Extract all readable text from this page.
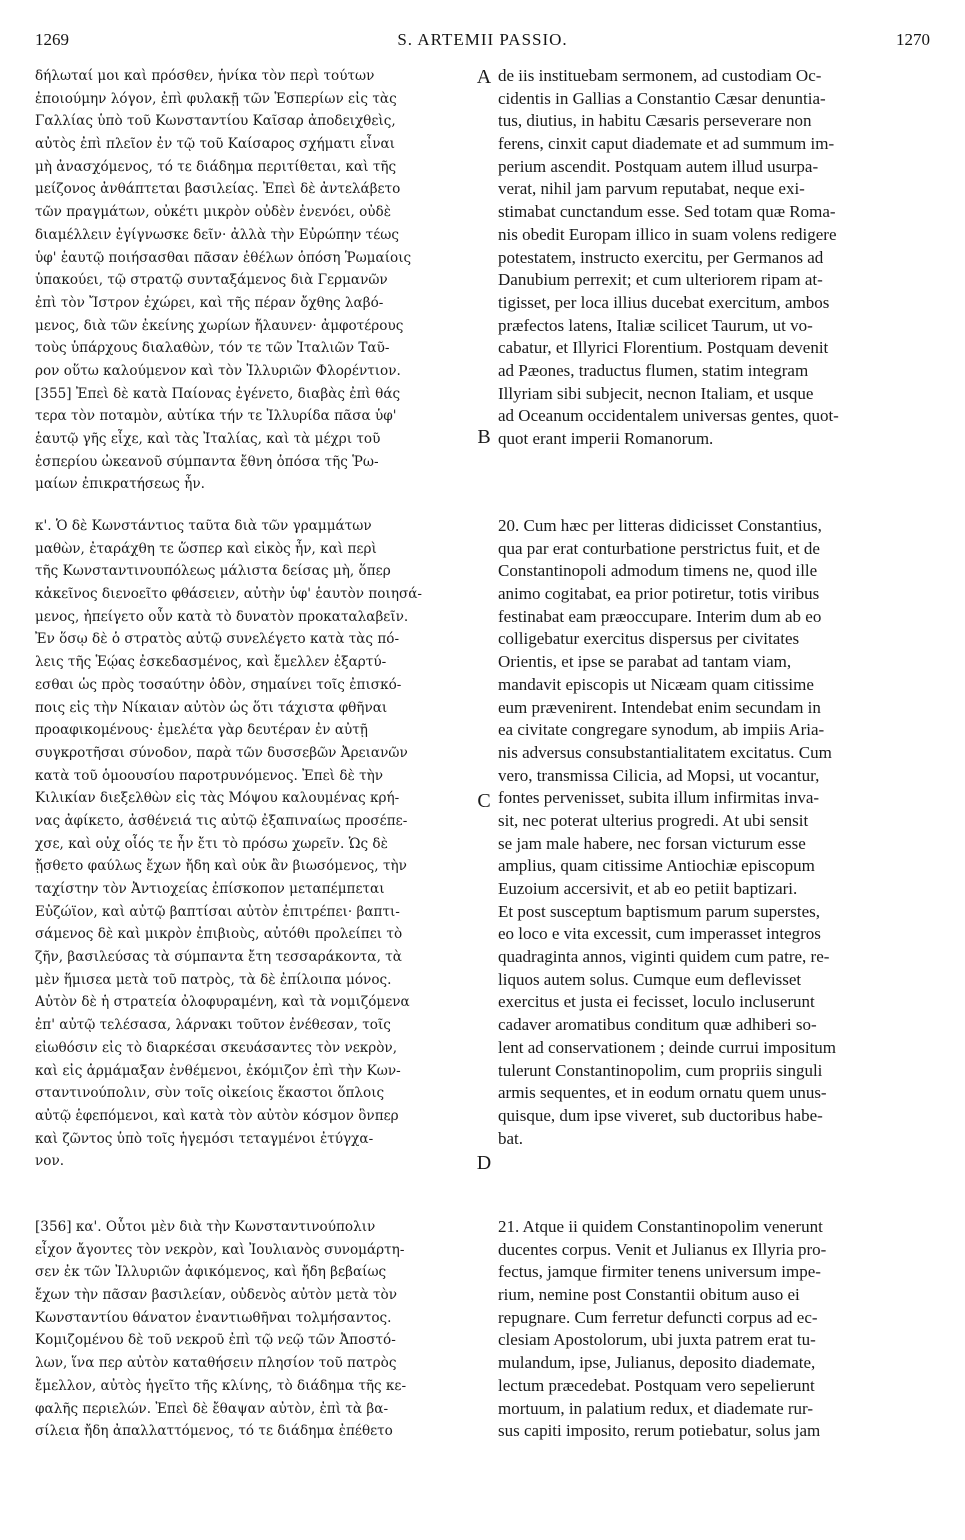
1269	S. ARTEMII PASSIO.	1270
δήλωταί μοι καὶ πρόσθεν, ἡνίκα τὸν περὶ τούτων
ἐποιούμην λόγον, ἐπὶ φυλακῇ τῶν Ἑσπερίων εἰς τὰς
Γαλλίας ὑπὸ τοῦ Κωνσταντίου Καῖσαρ ἀποδειχθεὶς,
αὐτὸς ἐπὶ πλεῖον ἐν τῷ τοῦ Καίσαρος σχήματι εἶναι
μὴ ἀνασχόμενος, τό τε διάδημα περιτίθεται, καὶ τῆς
μείζονος ἀνθάπτεται βασιλείας. Ἐπεὶ δὲ ἀντελάβετο
τῶν πραγμάτων, οὐκέτι μικρὸν οὐδὲν ἐνενόει, οὐδὲ
διαμέλλειν ἐγίγνωσκε δεῖν· ἀλλὰ τὴν Εὐρώπην τέως
ὑφ' ἑαυτῷ ποιήσασθαι πᾶσαν ἐθέλων ὁπόση Ῥωμαίοις
ὑπακούει, τῷ στρατῷ συνταξάμενος διὰ Γερμανῶν
ἐπὶ τὸν Ἴστρον ἐχώρει, καὶ τῆς πέραν ὄχθης λαβό-
μενος, διὰ τῶν ἐκείνης χωρίων ἤλαυνεν· ἀμφοτέρους
τοὺς ὑπάρχους διαλαθὼν, τόν τε τῶν Ἰταλιῶν Ταῦ-
ρον οὕτω καλούμενον καὶ τὸν Ἰλλυριῶν Φλορέντιον.
[355] Ἐπεὶ δὲ κατὰ Παίονας ἐγένετο, διαβὰς ἐπὶ θάς
τερα τὸν ποταμὸν, αὐτίκα τήν τε Ἰλλυρίδα πᾶσα ὑφ'
ἑαυτῷ γῆς εἶχε, καὶ τὰς Ἰταλίας, καὶ τὰ μέχρι τοῦ
ἑσπερίου ὠκεανοῦ σύμπαντα ἔθνη ὁπόσα τῆς Ῥω-
μαίων ἐπικρατήσεως ἦν.
de iis instituebam sermonem, ad custodiam Oc-
cidentis in Gallias a Constantio Cæsar denuntia-
tus, diutius, in habitu Cæsaris perseverare non
ferens, cinxit caput diademate et ad summum im-
perium ascendit. Postquam autem illud usurpa-
verat, nihil jam parvum reputabat, neque exi-
stimabat cunctandum esse. Sed totam quæ Roma-
nis obedit Europam illico in suam volens redigere
potestatem, instructo exercitu, per Germanos ad
Danubium perrexit; et cum ulteriorem ripam at-
tigisset, per loca illius ducebat exercitum, ambos
præfectos latens, Italiæ scilicet Taurum, ut vo-
cabatur, et Illyrici Florentium. Postquam devenit
ad Pæones, traductus flumen, statim integram
Illyriam sibi subjecit, necnon Italiam, et usque
ad Oceanum occidentalem universas gentes, quot-
quot erant imperii Romanorum.
κ'. Ὁ δὲ Κωνστάντιος ταῦτα διὰ τῶν γραμμάτων
μαθὼν, ἐταράχθη τε ὥσπερ καὶ εἰκὸς ἦν, καὶ περὶ
τῆς Κωνσταντινουπόλεως μάλιστα δείσας μὴ, ὅπερ
κἀκεῖνος διενοεῖτο φθάσειεν, αὐτὴν ὑφ' ἑαυτὸν ποιησά-
μενος, ἠπείγετο οὖν κατὰ τὸ δυνατὸν προκαταλαβεῖν.
Ἐν ὅσῳ δὲ ὁ στρατὸς αὐτῷ συνελέγετο κατὰ τὰς πό-
λεις τῆς Ἑῴας ἐσκεδασμένος, καὶ ἔμελλεν ἐξαρτύ-
εσθαι ὡς πρὸς τοσαύτην ὁδὸν, σημαίνει τοῖς ἐπισκό-
ποις εἰς τὴν Νίκαιαν αὐτὸν ὡς ὅτι τάχιστα φθῆναι
προαφικομένους· ἐμελέτα γὰρ δευτέραν ἐν αὐτῇ
συγκροτῆσαι σύνοδον, παρὰ τῶν δυσσεβῶν Ἀρειανῶν
κατὰ τοῦ ὁμοουσίου παροτρυνόμενος. Ἐπεὶ δὲ τὴν
Κιλικίαν διεξελθὼν εἰς τὰς Μόψου καλουμένας κρή-
νας ἀφίκετο, ἀσθένειά τις αὐτῷ ἐξαπιναίως προσέπε-
χσε, καὶ οὐχ οἷός τε ἦν ἔτι τὸ πρόσω χωρεῖν. Ὡς δὲ
ᾔσθετο φαύλως ἔχων ἤδη καὶ οὐκ ἂν βιωσόμενος, τὴν
ταχίστην τὸν Ἀντιοχείας ἐπίσκοπον μεταπέμπεται
Εὐζώϊον, καὶ αὐτῷ βαπτίσαι αὐτὸν ἐπιτρέπει· βαπτι-
σάμενος δὲ καὶ μικρὸν ἐπιβιοὺς, αὐτόθι προλείπει τὸ
ζῆν, βασιλεύσας τὰ σύμπαντα ἔτη τεσσαράκοντα, τὰ
μὲν ἥμισεα μετὰ τοῦ πατρὸς, τὰ δὲ ἐπίλοιπα μόνος.
Αὐτὸν δὲ ἡ στρατεία ὀλοφυραμένη, καὶ τὰ νομιζόμενα
ἐπ' αὐτῷ τελέσασα, λάρνακι τοῦτον ἐνέθεσαν, τοῖς
εἰωθόσιν εἰς τὸ διαρκέσαι σκευάσαντες τὸν νεκρὸν,
καὶ εἰς ἁρμάμαξαν ἐνθέμενοι, ἐκόμιζον ἐπὶ τὴν Κων-
σταντινούπολιν, σὺν τοῖς οἰκείοις ἕκαστοι ὅπλοις
αὐτῷ ἑφεπόμενοι, καὶ κατὰ τὸν αὐτὸν κόσμον ὃνπερ
καὶ ζῶντος ὑπὸ τοῖς ἡγεμόσι τεταγμένοι ἐτύγχα-
νον.
20. Cum hæc per litteras didicisset Constantius,
qua par erat conturbatione perstrictus fuit, et de
Constantinopoli admodum timens ne, quod ille
animo cogitabat, ea prior potiretur, totis viribus
festinabat eam præoccupare. Interim dum ab eo
colligebatur exercitus dispersus per civitates
Orientis, et ipse se parabat ad tantam viam,
mandavit episcopis ut Nicæam quam citissime
eum prævenirent. Intendebat enim secundam in
ea civitate congregare synodum, ab impiis Aria-
nis adversus consubstantialitatem excitatus. Cum
vero, transmissa Cilicia, ad Mopsi, ut vocantur,
fontes pervenisset, subita illum infirmitas inva-
sit, nec poterat ulterius progredi. At ubi sensit
se jam male habere, nec forsan victurum esse
amplius, quam citissime Antiochiæ episcopum
Euzoium accersivit, et ab eo petiit baptizari.
Et post susceptum baptismum parum superstes,
eo loco e vita excessit, cum imperasset integros
quadraginta annos, viginti quidem cum patre, re-
liquos autem solus. Cumque eum deflevisset
exercitus et justa ei fecisset, loculo incluserunt
cadaver aromatibus conditum quæ adhiberi so-
lent ad conservationem ; deinde currui impositum
tulerunt Constantinopolim, cum propriis singuli
armis sequentes, et in eodum ornatu quem unus-
quisque, dum ipse viveret, sub ductoribus habe-
bat.
[356] κα'. Οὗτοι μὲν διὰ τὴν Κωνσταντινούπολιν
εἶχον ἄγοντες τὸν νεκρὸν, καὶ Ἰουλιανὸς συνομάρτη-
σεν ἐκ τῶν Ἰλλυριῶν ἀφικόμενος, καὶ ἤδη βεβαίως
ἔχων τὴν πᾶσαν βασιλείαν, οὐδενὸς αὐτὸν μετὰ τὸν
Κωνσταντίου θάνατον ἐναντιωθῆναι τολμήσαντος.
Κομιζομένου δὲ τοῦ νεκροῦ ἐπὶ τῷ νεῷ τῶν Ἀποστό-
λων, ἵνα περ αὐτὸν καταθήσειν πλησίον τοῦ πατρὸς
ἔμελλον, αὐτὸς ἡγεῖτο τῆς κλίνης, τὸ διάδημα τῆς κε-
φαλῆς περιελών. Ἐπεὶ δὲ ἔθαψαν αὐτὸν, ἐπὶ τὰ βα-
σίλεια ἤδη ἀπαλλαττόμενος, τό τε διάδημα ἐπέθετο
21. Atque ii quidem Constantinopolim venerunt
ducentes corpus. Venit et Julianus ex Illyria pro-
fectus, jamque firmiter tenens universum impe-
rium, nemine post Constantii obitum auso ei
repugnare. Cum ferretur defuncti corpus ad ec-
clesiam Apostolorum, ubi juxta patrem erat tu-
mulandum, ipse, Julianus, deposito diademate,
lectum præcedebat. Postquam vero sepelierunt
mortuum, in palatium redux, et diademate rur-
sus capiti imposito, rerum potiebatur, solus jam
A
B
C
D
